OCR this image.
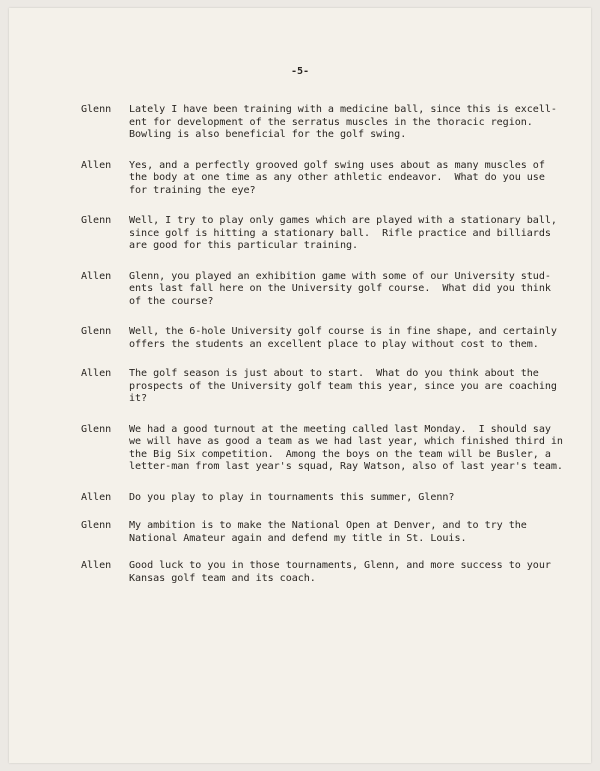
-5-
Glenn	Lately I have been training with a medicine ball, since this is excell-
ent for development of the serratus muscles in the thoracic region.
Bowling is also beneficial for the golf swing.
Allen	Yes, and a perfectly grooved golf swing uses about as many muscles of
the body at one time as any other athletic endeavor.  What do you use
for training the eye?
Glenn	Well, I try to play only games which are played with a stationary ball,
since golf is hitting a stationary ball.  Rifle practice and billiards
are good for this particular training.
Allen	Glenn, you played an exhibition game with some of our University stud-
ents last fall here on the University golf course.  What did you think
of the course?
Glenn	Well, the 6-hole University golf course is in fine shape, and certainly
offers the students an excellent place to play without cost to them.
Allen	The golf season is just about to start.  What do you think about the
prospects of the University golf team this year, since you are coaching
it?
Glenn	We had a good turnout at the meeting called last Monday.  I should say
we will have as good a team as we had last year, which finished third in
the Big Six competition.  Among the boys on the team will be Busler, a
letter-man from last year's squad, Ray Watson, also of last year's team.
Allen	Do you play to play in tournaments this summer, Glenn?
Glenn	My ambition is to make the National Open at Denver, and to try the
National Amateur again and defend my title in St. Louis.
Allen	Good luck to you in those tournaments, Glenn, and more success to your
Kansas golf team and its coach.
